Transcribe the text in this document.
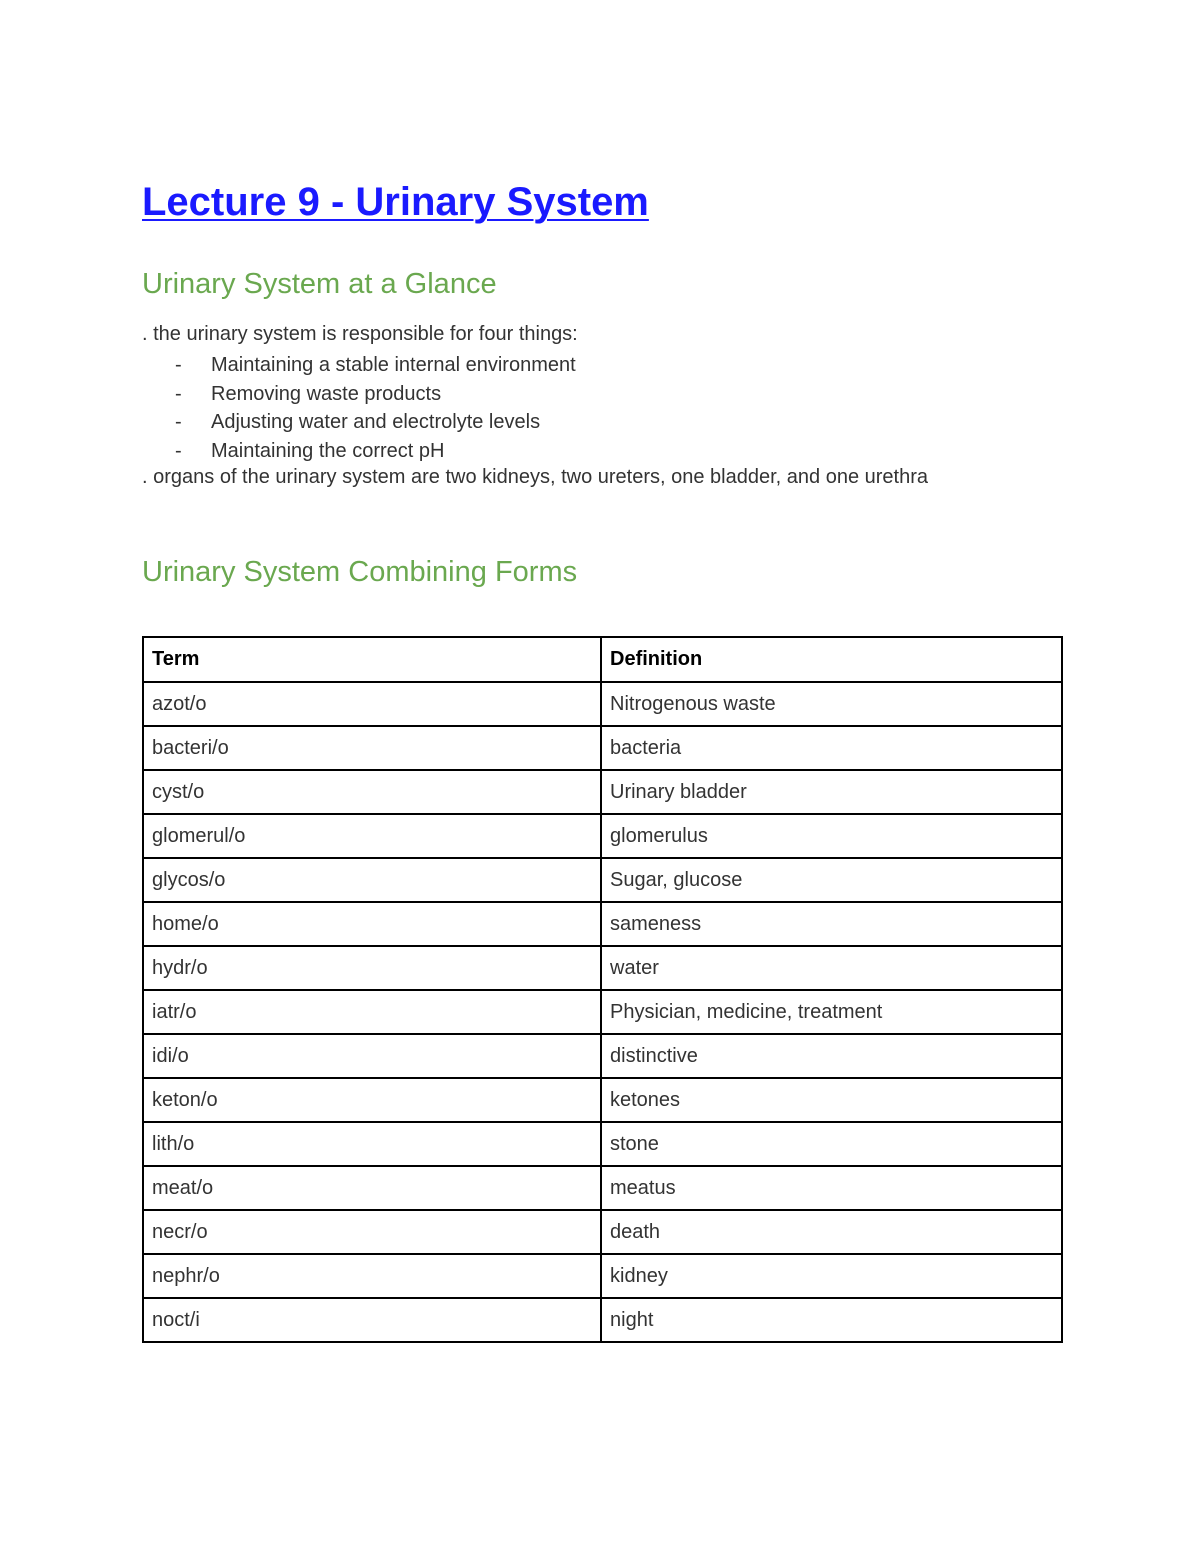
Lecture 9 - Urinary System
Urinary System at a Glance

. the urinary system is responsible for four things:

- Maintaining a stable internal environment
- Removing waste products
- Adjusting water and electrolyte levels
- Maintaining the correct pH

. organs of the urinary system are two kidneys, two ureters, one bladder, and one urethra

Urinary System Combining Forms
Term	Definition
azot/o	Nitrogenous waste
bacteri/o	bacteria
cyst/o	Urinary bladder
glomerul/o	glomerulus
glycos/o	Sugar, glucose
home/o	sameness
hydr/o	water
iatr/o	Physician, medicine, treatment
idi/o	distinctive
keton/o	ketones
lith/o	stone
meat/o	meatus
necr/o	death
nephr/o	kidney
noct/i	night
